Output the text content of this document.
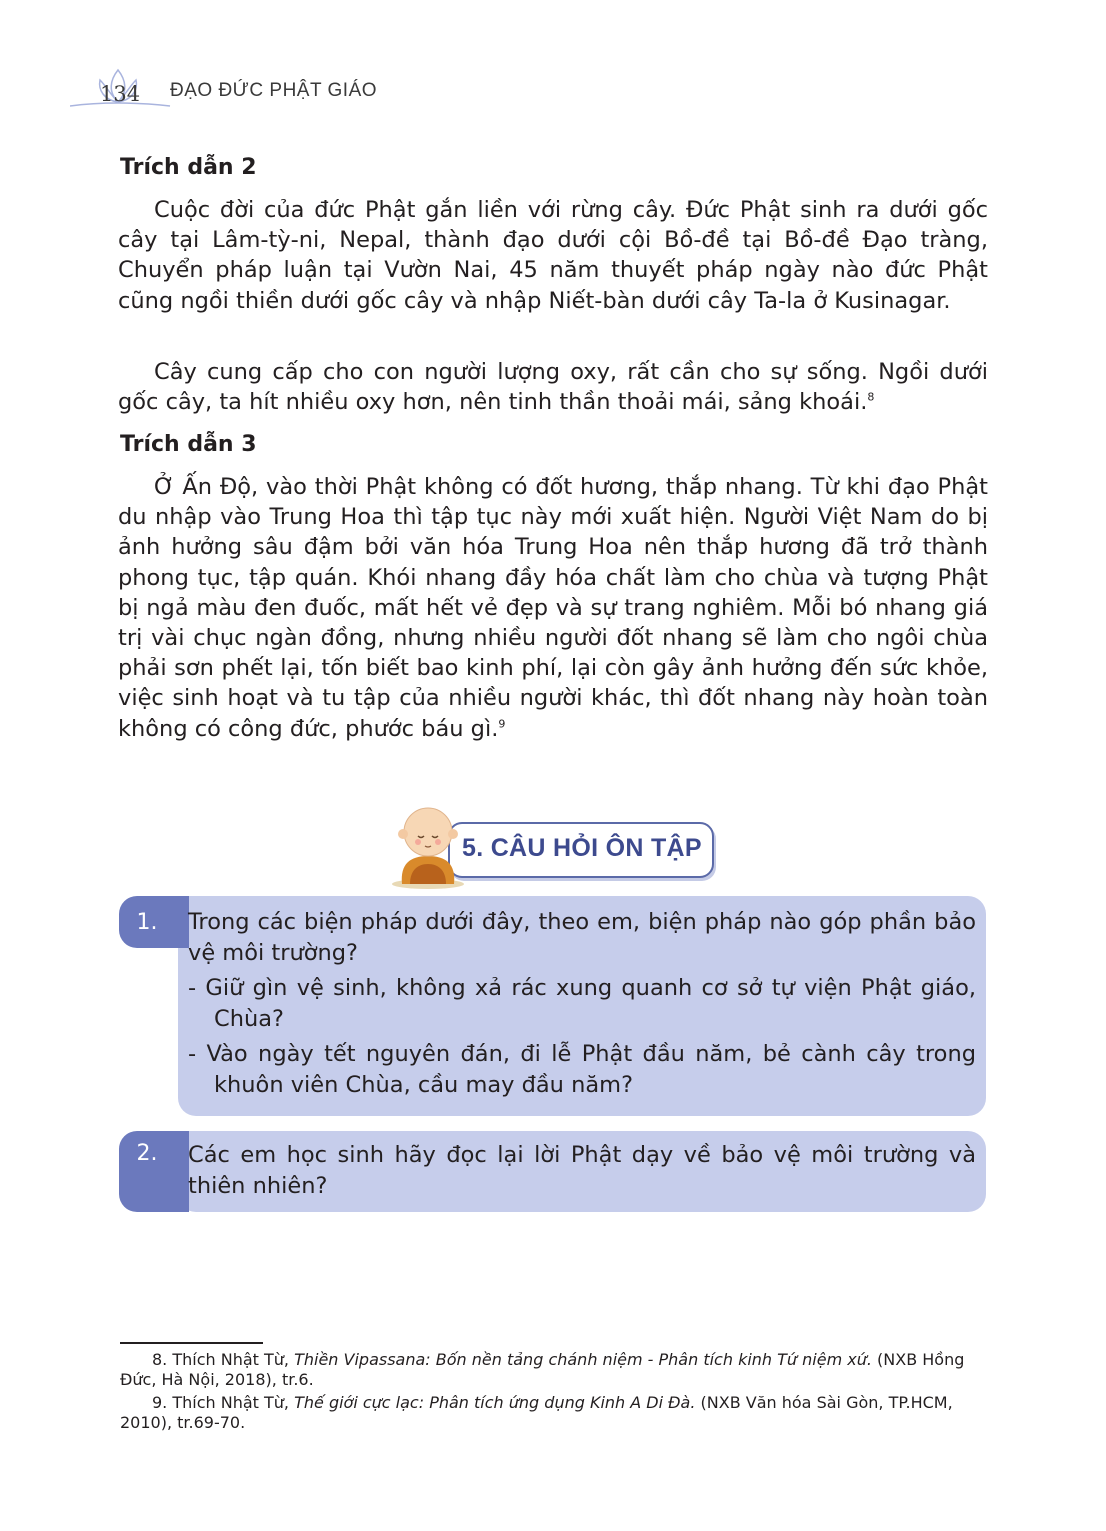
134 ĐẠO ĐỨC PHẬT GIÁO
Trích dẫn 2

Cuộc đời của đức Phật gắn liền với rừng cây. Đức Phật sinh ra dưới gốc cây tại Lâm-tỳ-ni, Nepal, thành đạo dưới cội Bồ-đề tại Bồ-đề Đạo tràng, Chuyển pháp luận tại Vườn Nai, 45 năm thuyết pháp ngày nào đức Phật cũng ngồi thiền dưới gốc cây và nhập Niết-bàn dưới cây Ta-la ở Kusinagar.

Cây cung cấp cho con người lượng oxy, rất cần cho sự sống. Ngồi dưới gốc cây, ta hít nhiều oxy hơn, nên tinh thần thoải mái, sảng khoái.$^8$

Trích dẫn 3

Ở Ấn Độ, vào thời Phật không có đốt hương, thắp nhang. Từ khi đạo Phật du nhập vào Trung Hoa thì tập tục này mới xuất hiện. Người Việt Nam do bị ảnh hưởng sâu đậm bởi văn hóa Trung Hoa nên thắp hương đã trở thành phong tục, tập quán. Khói nhang đầy hóa chất làm cho chùa và tượng Phật bị ngả màu đen đuốc, mất hết vẻ đẹp và sự trang nghiêm. Mỗi bó nhang giá trị vài chục ngàn đồng, nhưng nhiều người đốt nhang sẽ làm cho ngôi chùa phải sơn phết lại, tốn biết bao kinh phí, lại còn gây ảnh hưởng đến sức khỏe, việc sinh hoạt và tu tập của nhiều người khác, thì đốt nhang này hoàn toàn không có công đức, phước báu gì.$^9$

5. CÂU HỎI ÔN TẬP
1.	Trong các biện pháp dưới đây, theo em, biện pháp nào góp phần bảo vệ môi trường?

- Giữ gìn vệ sinh, không xả rác xung quanh cơ sở tự viện Phật giáo, Chùa?

- Vào ngày tết nguyên đán, đi lễ Phật đầu năm, bẻ cành cây trong khuôn viên Chùa, cầu may đầu năm?

2.	Các em học sinh hãy đọc lại lời Phật dạy về bảo vệ môi trường và thiên nhiên?

8. Thích Nhật Từ, Thiền Vipassana: Bốn nền tảng chánh niệm - Phân tích kinh Tứ niệm xứ. (NXB Hồng Đức, Hà Nội, 2018), tr.6.

9. Thích Nhật Từ, Thế giới cực lạc: Phân tích ứng dụng Kinh A Di Đà. (NXB Văn hóa Sài Gòn, TP.HCM, 2010), tr.69-70.
